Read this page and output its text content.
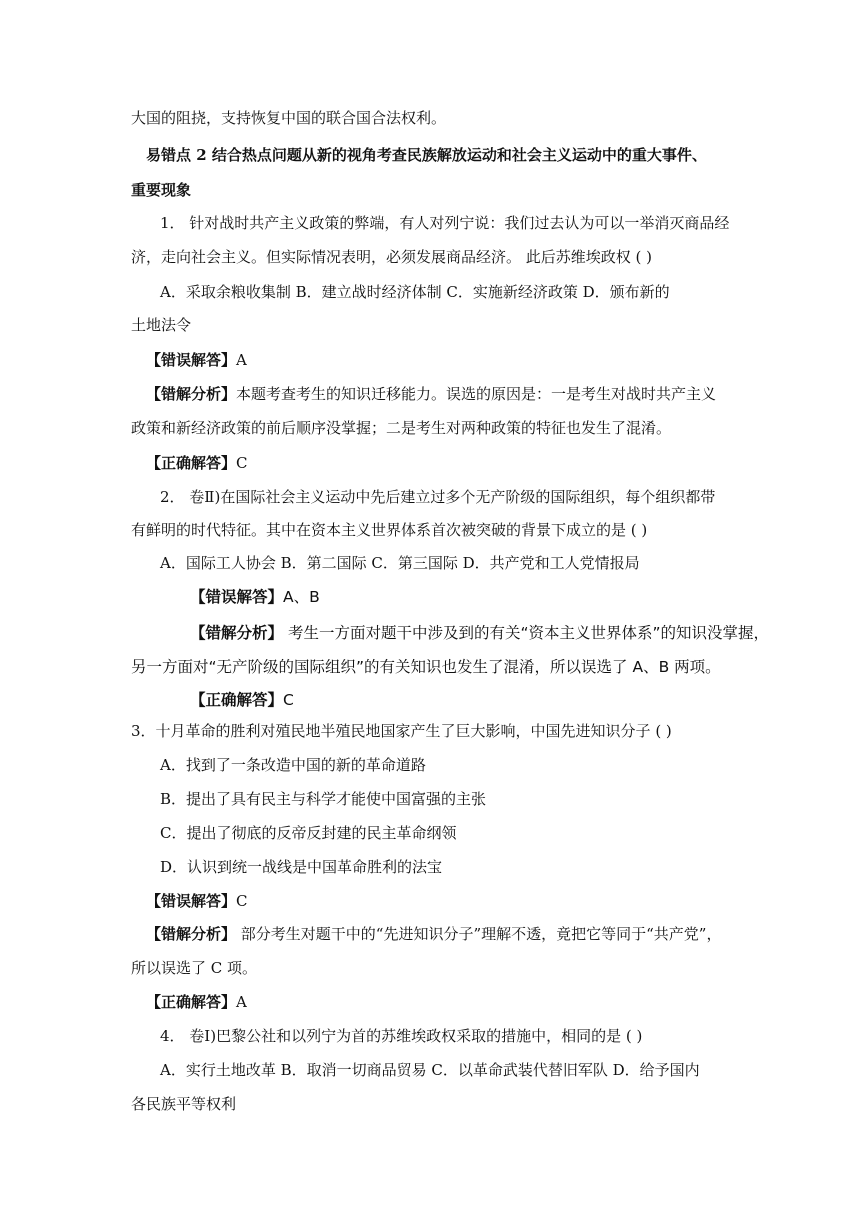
大国的阻挠，支持恢复中国的联合国合法权利。
易错点 2 结合热点问题从新的视角考查民族解放运动和社会主义运动中的重大事件、
重要现象
1． 针对战时共产主义政策的弊端，有人对列宁说：我们过去认为可以一举消灭商品经
济，走向社会主义。但实际情况表明，必须发展商品经济。 此后苏维埃政权 ( )
A．采取余粮收集制 B．建立战时经济体制 C．实施新经济政策 D．颁布新的
土地法令
【错误解答】A
【错解分析】本题考查考生的知识迁移能力。误选的原因是：一是考生对战时共产主义
政策和新经济政策的前后顺序没掌握；二是考生对两种政策的特征也发生了混淆。
【正确解答】C
2． 卷Ⅱ)在国际社会主义运动中先后建立过多个无产阶级的国际组织，每个组织都带
有鲜明的时代特征。其中在资本主义世界体系首次被突破的背景下成立的是 ( )
A．国际工人协会 B．第二国际 C．第三国际 D．共产党和工人党情报局
【错误解答】A、B
【错解分析】 考生一方面对题干中涉及到的有关“资本主义世界体系”的知识没掌握，
另一方面对“无产阶级的国际组织”的有关知识也发生了混淆，所以误选了 A、B 两项。
【正确解答】C
3．十月革命的胜利对殖民地半殖民地国家产生了巨大影响，中国先进知识分子 ( )
A．找到了一条改造中国的新的革命道路
B．提出了具有民主与科学才能使中国富强的主张
C．提出了彻底的反帝反封建的民主革命纲领
D．认识到统一战线是中国革命胜利的法宝
【错误解答】C
【错解分析】 部分考生对题干中的“先进知识分子”理解不透，竟把它等同于“共产党”，
所以误选了 C 项。
【正确解答】A
4． 卷Ⅰ)巴黎公社和以列宁为首的苏维埃政权采取的措施中，相同的是 ( )
A．实行土地改革 B．取消一切商品贸易 C．以革命武装代替旧军队 D．给予国内
各民族平等权利
